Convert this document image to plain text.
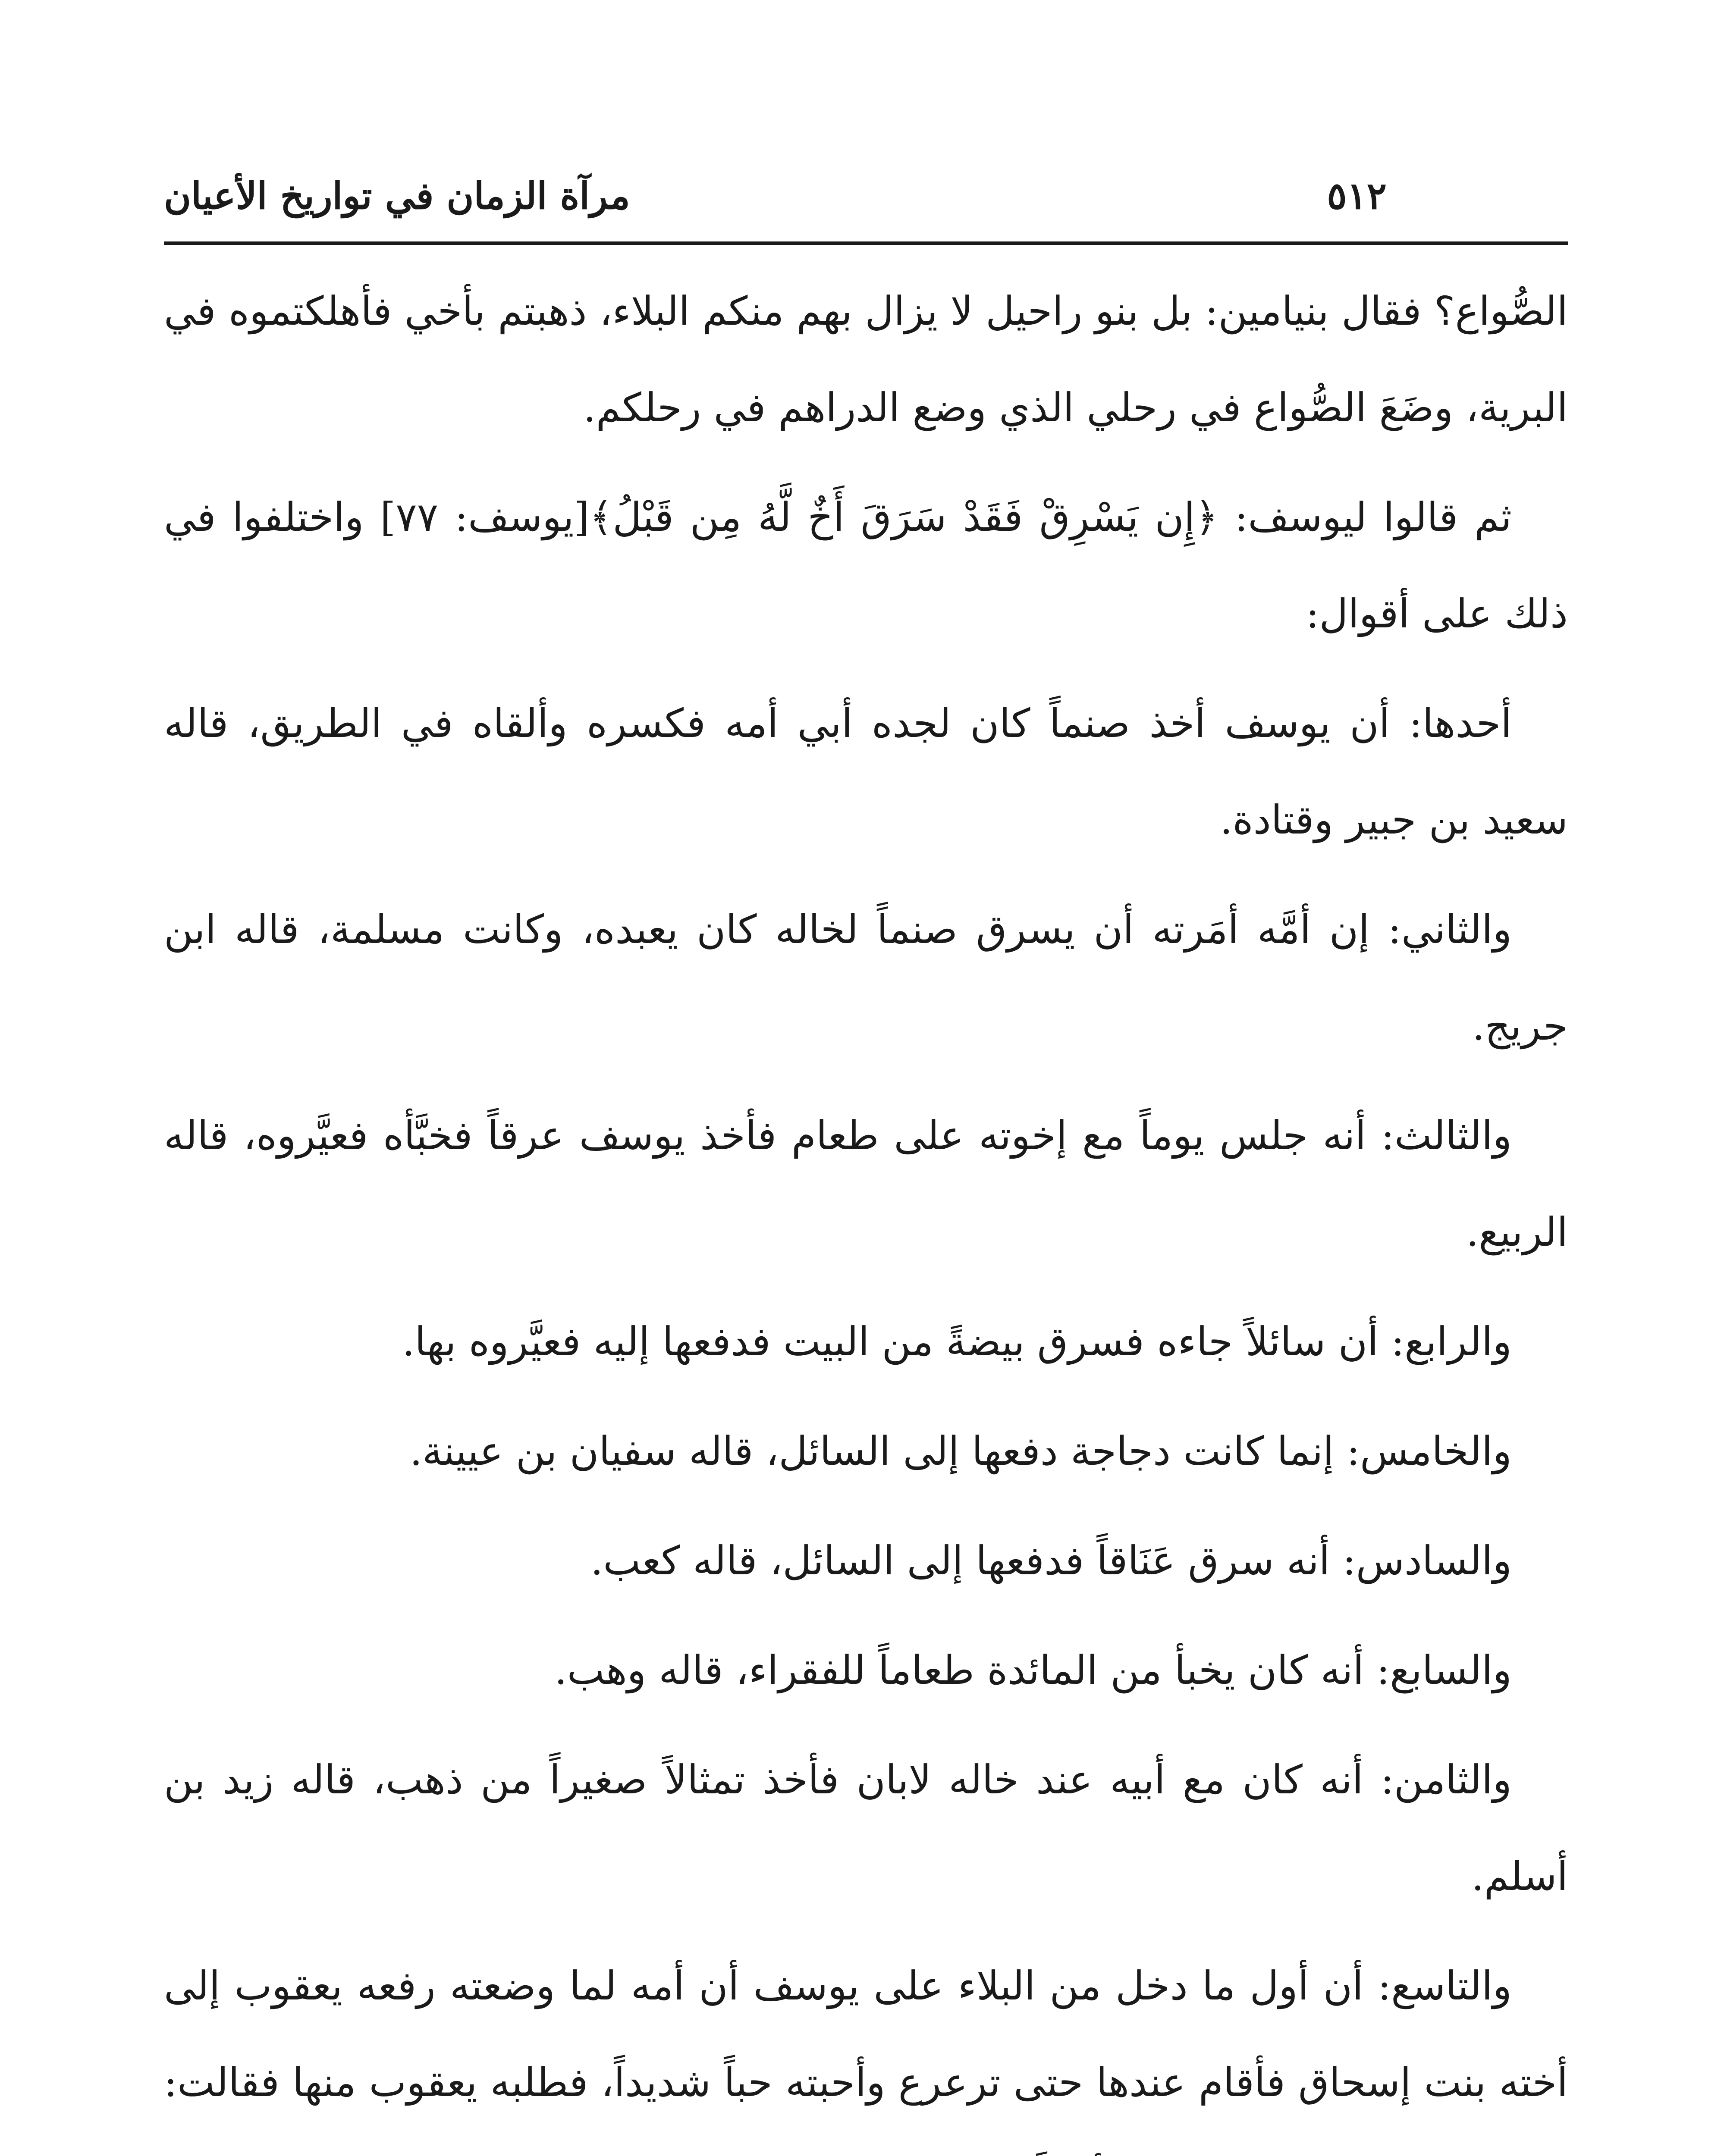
٥١٢
مرآة الزمان في تواريخ الأعيان

الصُّواع؟ فقال بنيامين: بل بنو راحيل لا يزال بهم منكم البلاء، ذهبتم بأخي فأهلكتموه في البرية، وضَعَ الصُّواع في رحلي الذي وضع الدراهم في رحلكم.

ثم قالوا ليوسف: ﴿إِن يَسْرِقْ فَقَدْ سَرَقَ أَخٌ لَّهُ مِن قَبْلُ﴾[يوسف: ٧٧] واختلفوا في ذلك على أقوال:

أحدها: أن يوسف أخذ صنماً كان لجده أبي أمه فكسره وألقاه في الطريق، قاله سعيد بن جبير وقتادة.

والثاني: إن أمَّه أمَرته أن يسرق صنماً لخاله كان يعبده، وكانت مسلمة، قاله ابن جريج.

والثالث: أنه جلس يوماً مع إخوته على طعام فأخذ يوسف عرقاً فخبَّأه فعيَّروه، قاله الربيع.

والرابع: أن سائلاً جاءه فسرق بيضةً من البيت فدفعها إليه فعيَّروه بها.

والخامس: إنما كانت دجاجة دفعها إلى السائل، قاله سفيان بن عيينة.

والسادس: أنه سرق عَنَاقاً فدفعها إلى السائل، قاله كعب.

والسابع: أنه كان يخبأ من المائدة طعاماً للفقراء، قاله وهب.

والثامن: أنه كان مع أبيه عند خاله لابان فأخذ تمثالاً صغيراً من ذهب، قاله زيد بن أسلم.

والتاسع: أن أول ما دخل من البلاء على يوسف أن أمه لما وضعته رفعه يعقوب إلى أخته بنت إسحاق فأقام عندها حتى ترعرع وأحبته حباً شديداً، فطلبه يعقوب منها فقالت:
